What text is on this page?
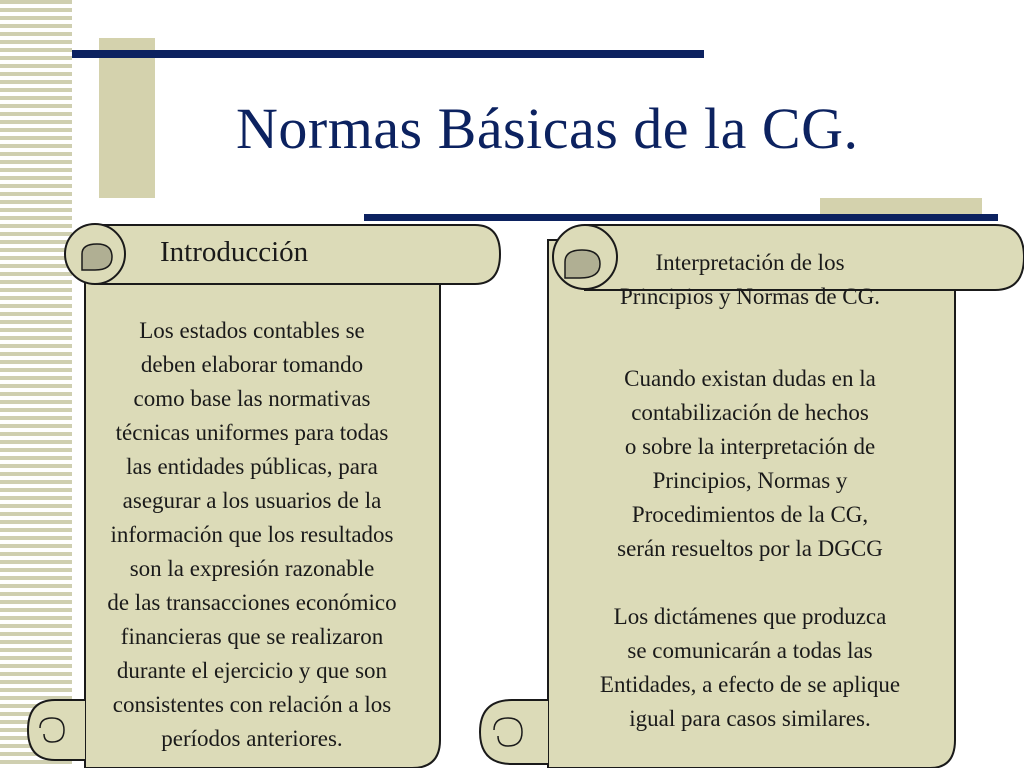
Normas Básicas de la CG.
Introducción
Los estados contables se
deben elaborar tomando
como base las normativas
técnicas uniformes para todas
las entidades públicas, para
asegurar a los usuarios de la
información que los resultados
son la expresión razonable
de las transacciones económico
financieras que se realizaron
durante el ejercicio y que son
consistentes con relación a los
períodos anteriores.
Interpretación de los
Principios y Normas de CG.
Cuando existan dudas en la
contabilización de hechos
o sobre la interpretación de
Principios, Normas y
Procedimientos de la CG,
serán resueltos por la DGCG
Los dictámenes que produzca
se comunicarán a todas las
Entidades, a efecto de se aplique
igual para casos similares.
